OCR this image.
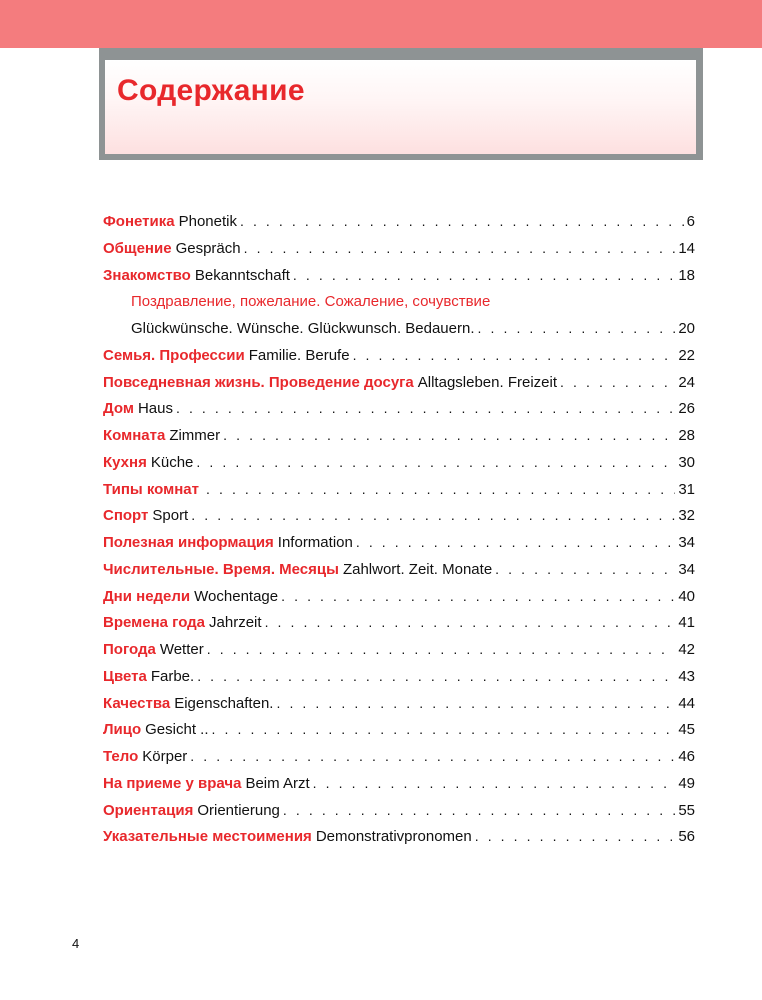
Содержание
Фонетика Phonetik . . .	6
Общение Gespräch . . .	14
Знакомство Bekanntschaft . . .	18
Поздравление, пожелание. Сожаление, сочувствие
Glückwünsche. Wünsche. Glückwunsch. Bedauern. . . .	20
Семья. Профессии Familie. Berufe . . .	22
Повседневная жизнь. Проведение досуга Alltagsleben. Freizeit . . .	24
Дом Haus . . .	26
Комната Zimmer . . .	28
Кухня Küche . . .	30
Типы комнат . . .	31
Спорт Sport . . .	32
Полезная информация Information . . .	34
Числительные. Время. Месяцы Zahlwort. Zeit. Monate . . .	34
Дни недели Wochentage . . .	40
Времена года Jahrzeit . . .	41
Погода Wetter . . .	42
Цвета Farbe. . . .	43
Качества Eigenschaften. . . .	44
Лицо Gesicht .. . . .	45
Тело Körper . . .	46
На приеме у врача Beim Arzt . . .	49
Ориентация Orientierung . . .	55
Указательные местоимения Demonstrativpronomen . . .	56
4
